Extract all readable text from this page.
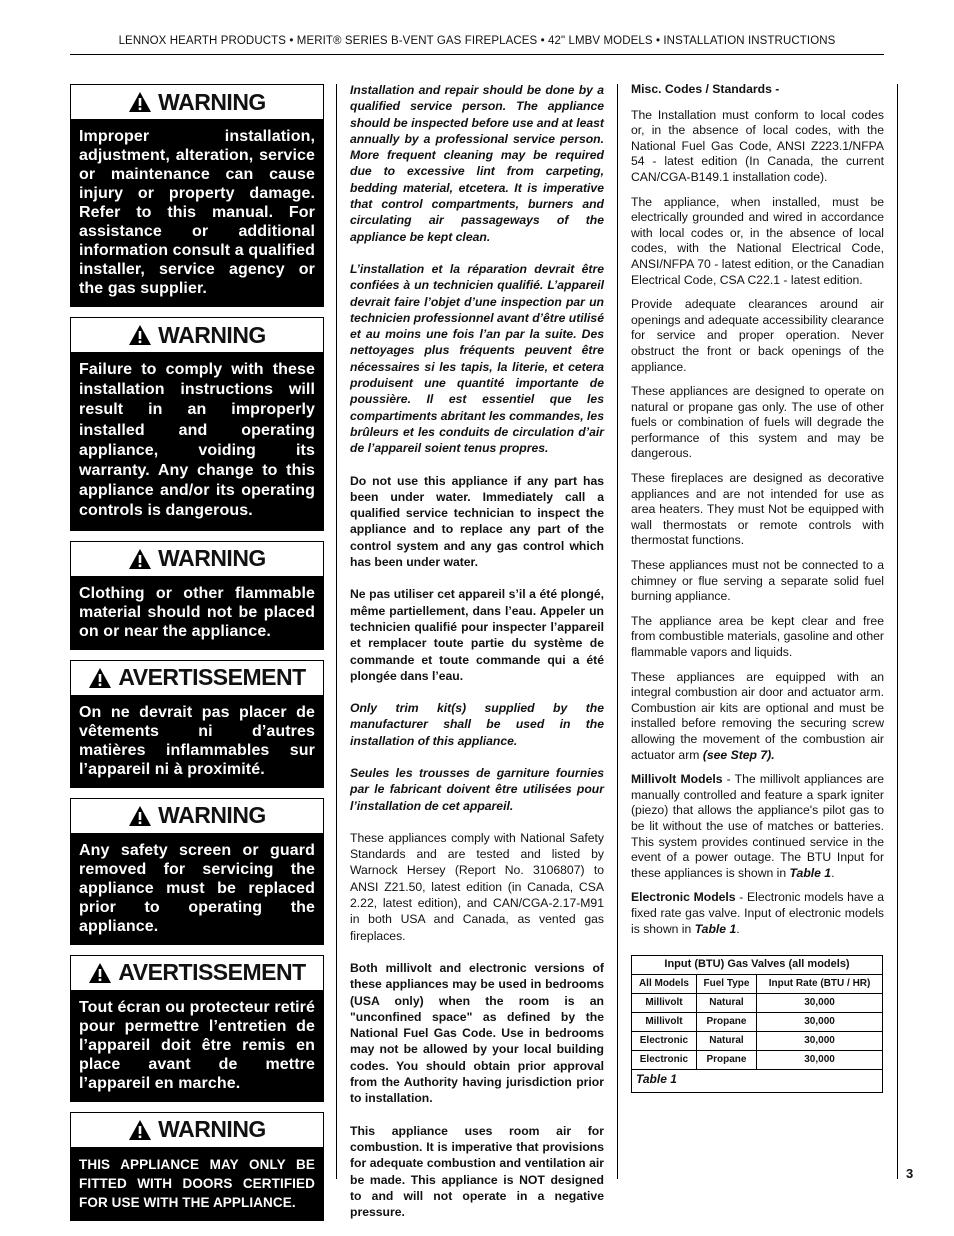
LENNOX HEARTH PRODUCTS • MERIT® SERIES B-VENT GAS FIREPLACES • 42" LMBV MODELS • INSTALLATION INSTRUCTIONS
WARNING
Improper installation, adjustment, alteration, service or maintenance can cause injury or property damage. Refer to this manual. For assistance or additional information consult a qualified installer, service agency or the gas supplier.
WARNING
Failure to comply with these installation instructions will result in an improperly installed and operating appliance, voiding its warranty. Any change to this appliance and/or its operating controls is dangerous.
WARNING
Clothing or other flammable material should not be placed on or near the appliance.
AVERTISSEMENT
On ne devrait pas placer de vêtements ni d’autres matières inflammables sur l’appareil ni à proximité.
WARNING
Any safety screen or guard removed for servicing the appliance must be replaced prior to operating the appliance.
AVERTISSEMENT
Tout écran ou protecteur retiré pour permettre l’entretien de l’appareil doit être remis en place avant de mettre l’appareil en marche.
WARNING
THIS APPLIANCE MAY ONLY BE FITTED WITH DOORS CERTIFIED FOR USE WITH THE APPLIANCE.

Installation and repair should be done by a qualified service person. The appliance should be inspected before use and at least annually by a professional service person. More frequent cleaning may be required due to excessive lint from carpeting, bedding material, etcetera. It is imperative that control compartments, burners and circulating air passageways of the appliance be kept clean.

L’installation et la réparation devrait être confiées à un technicien qualifié. L’appareil devrait faire l’objet d’une inspection par un technicien professionnel avant d’être utilisé et au moins une fois l’an par la suite. Des nettoyages plus fréquents peuvent être nécessaires si les tapis, la literie, et cetera produisent une quantité importante de poussière. Il est essentiel que les compartiments abritant les commandes, les brûleurs et les conduits de circulation d’air de l’appareil soient tenus propres.

Do not use this appliance if any part has been under water. Immediately call a qualified service technician to inspect the appliance and to replace any part of the control system and any gas control which has been under water.

Ne pas utiliser cet appareil s’il a été plongé, même partiellement, dans l’eau. Appeler un technicien qualifié pour inspecter l’appareil et remplacer toute partie du système de commande et toute commande qui a été plongée dans l’eau.

Only trim kit(s) supplied by the manufacturer shall be used in the installation of this appliance.

Seules les trousses de garniture fournies par le fabricant doivent être utilisées pour l’installation de cet appareil.

These appliances comply with National Safety Standards and are tested and listed by Warnock Hersey (Report No. 3106807) to ANSI Z21.50, latest edition (in Canada, CSA 2.22, latest edition), and CAN/CGA-2.17-M91 in both USA and Canada, as vented gas fireplaces.

Both millivolt and electronic versions of these appliances may be used in bedrooms (USA only) when the room is an "unconfined space" as defined by the National Fuel Gas Code. Use in bedrooms may not be allowed by your local building codes. You should obtain prior approval from the Authority having jurisdiction prior to installation.

This appliance uses room air for combustion. It is imperative that provisions for adequate combustion and ventilation air be made. This appliance is NOT designed to and will not operate in a negative pressure.

Misc. Codes / Standards -

The Installation must conform to local codes or, in the absence of local codes, with the National Fuel Gas Code, ANSI Z223.1/NFPA 54 - latest edition (In Canada, the current CAN/CGA-B149.1 installation code).

The appliance, when installed, must be electrically grounded and wired in accordance with local codes or, in the absence of local codes, with the National Electrical Code, ANSI/NFPA 70 - latest edition, or the Canadian Electrical Code, CSA C22.1 - latest edition.

Provide adequate clearances around air openings and adequate accessibility clearance for service and proper operation. Never obstruct the front or back openings of the appliance.

These appliances are designed to operate on natural or propane gas only. The use of other fuels or combination of fuels will degrade the performance of this system and may be dangerous.

These fireplaces are designed as decorative appliances and are not intended for use as area heaters. They must Not be equipped with wall thermostats or remote controls with thermostat functions.

These appliances must not be connected to a chimney or flue serving a separate solid fuel burning appliance.

The appliance area be kept clear and free from combustible materials, gasoline and other flammable vapors and liquids.

These appliances are equipped with an integral combustion air door and actuator arm. Combustion air kits are optional and must be installed before removing the securing screw allowing the movement of the combustion air actuator arm (see Step 7).

Millivolt Models - The millivolt appliances are manually controlled and feature a spark igniter (piezo) that allows the appliance's pilot gas to be lit without the use of matches or batteries. This system provides continued service in the event of a power outage. The BTU Input for these appliances is shown in Table 1.

Electronic Models - Electronic models have a fixed rate gas valve. Input of electronic models is shown in Table 1.

Input (BTU) Gas Valves (all models)		
All Models	Fuel Type	Input Rate (BTU / HR)
Millivolt	Natural	30,000
Millivolt	Propane	30,000
Electronic	Natural	30,000
Electronic	Propane	30,000
Table 1
3
